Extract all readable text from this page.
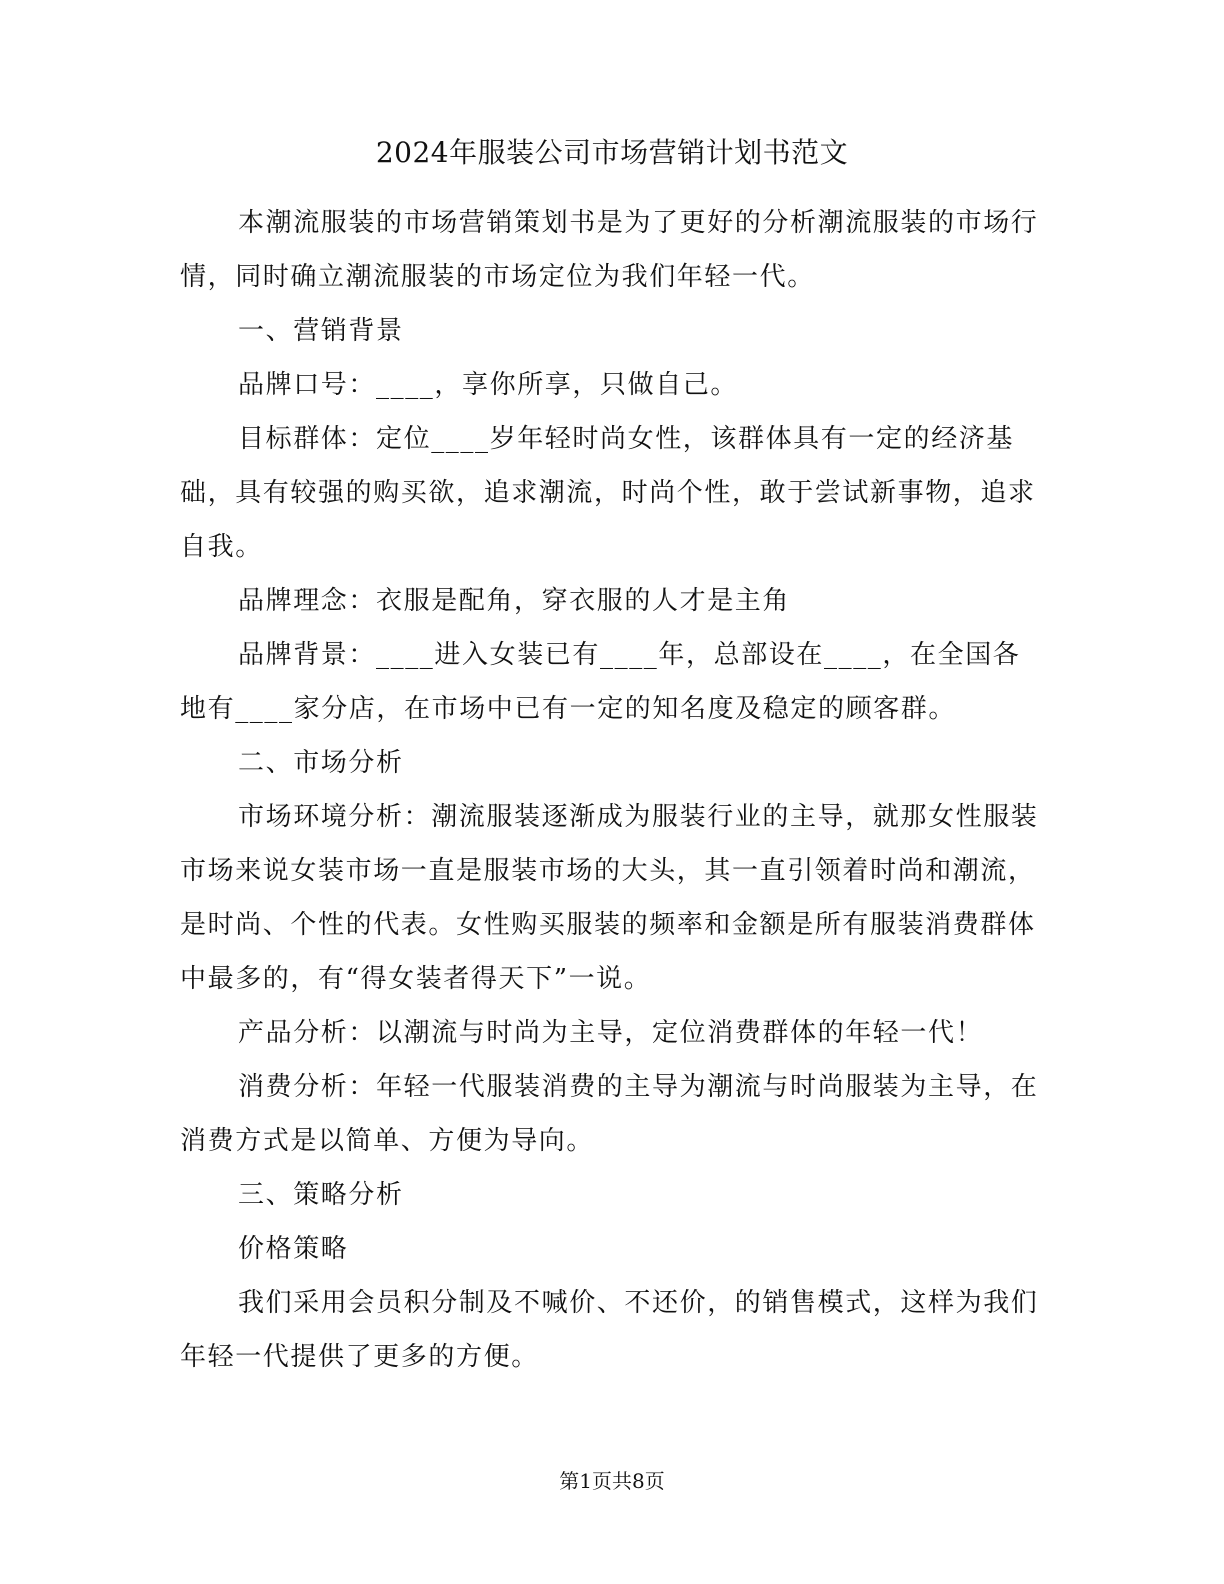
2024年服装公司市场营销计划书范文

本潮流服装的市场营销策划书是为了更好的分析潮流服装的市场行情，同时确立潮流服装的市场定位为我们年轻一代。

一、营销背景

品牌口号：____，享你所享，只做自己。

目标群体：定位____岁年轻时尚女性，该群体具有一定的经济基础，具有较强的购买欲，追求潮流，时尚个性，敢于尝试新事物，追求自我。

品牌理念：衣服是配角，穿衣服的人才是主角

品牌背景：____进入女装已有____年，总部设在____，在全国各地有____家分店，在市场中已有一定的知名度及稳定的顾客群。

二、市场分析

市场环境分析：潮流服装逐渐成为服装行业的主导，就那女性服装市场来说女装市场一直是服装市场的大头，其一直引领着时尚和潮流，是时尚、个性的代表。女性购买服装的频率和金额是所有服装消费群体中最多的，有“得女装者得天下”一说。

产品分析：以潮流与时尚为主导，定位消费群体的年轻一代！

消费分析：年轻一代服装消费的主导为潮流与时尚服装为主导，在消费方式是以简单、方便为导向。

三、策略分析

价格策略

我们采用会员积分制及不喊价、不还价，的销售模式，这样为我们年轻一代提供了更多的方便。

第1页共8页
